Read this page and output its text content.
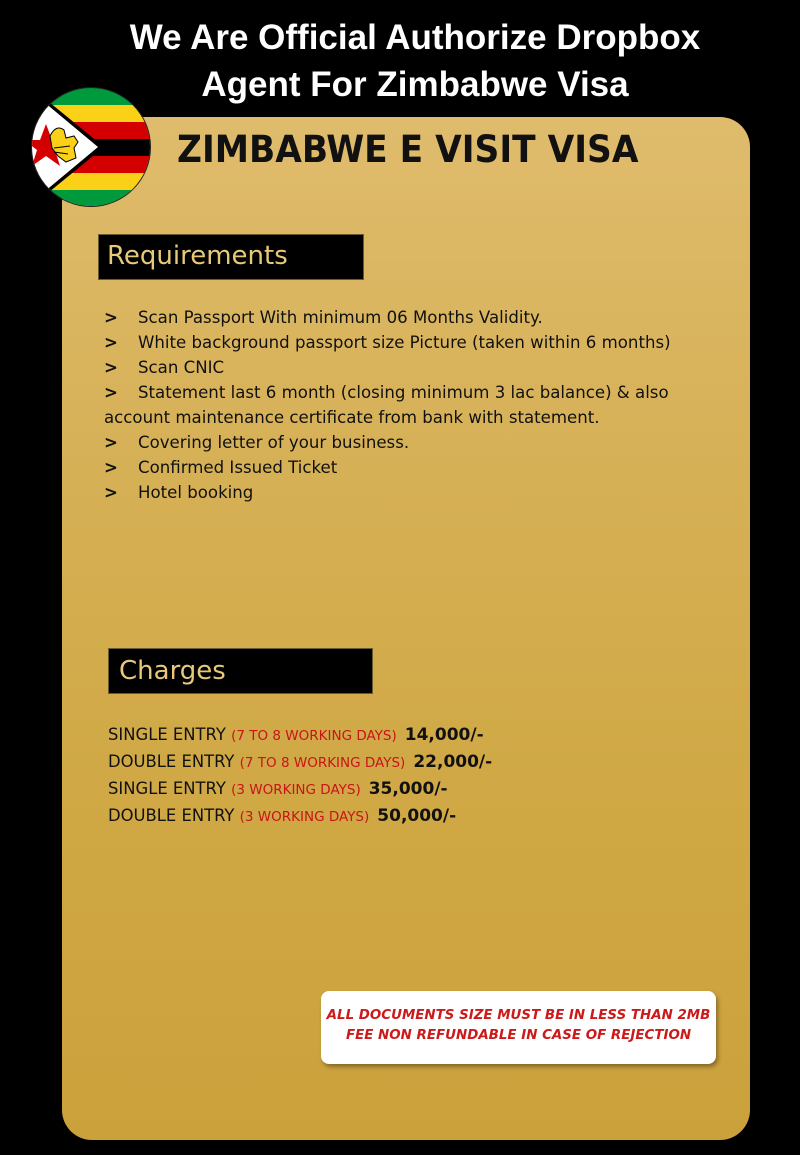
We Are Official Authorize Dropbox
Agent For Zimbabwe Visa
ZIMBABWE E VISIT VISA
Requirements
> Scan Passport With minimum 06 Months Validity.
> White background passport size Picture (taken within 6 months)
> Scan CNIC
> Statement last 6 month (closing minimum 3 lac balance) & also
account maintenance certificate from bank with statement.
> Covering letter of your business.
> Confirmed Issued Ticket
> Hotel booking
Charges
SINGLE ENTRY (7 TO 8 WORKING DAYS) 14,000/-
DOUBLE ENTRY (7 TO 8 WORKING DAYS) 22,000/-
SINGLE ENTRY (3 WORKING DAYS) 35,000/-
DOUBLE ENTRY (3 WORKING DAYS) 50,000/-
ALL DOCUMENTS SIZE MUST BE IN LESS THAN 2MB
FEE NON REFUNDABLE IN CASE OF REJECTION
